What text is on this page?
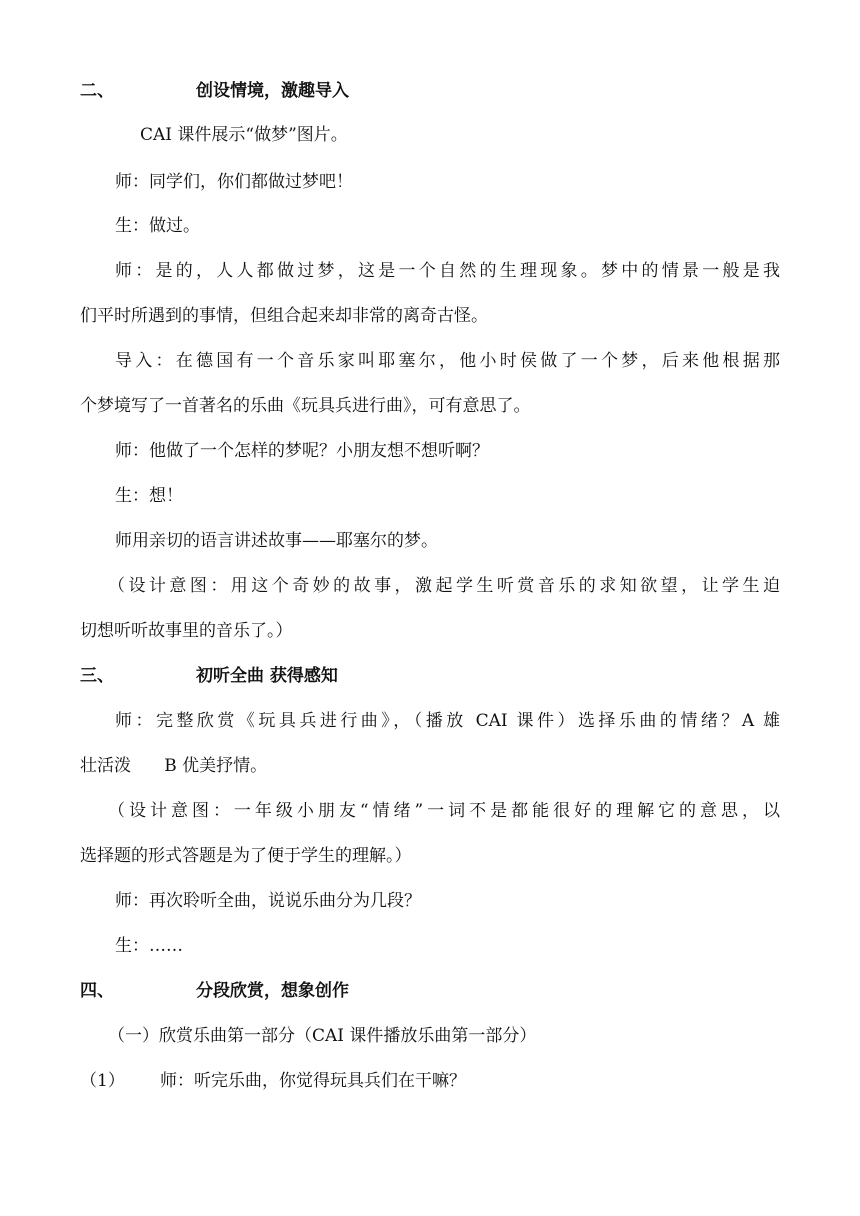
二、	创设情境，激趣导入
CAI 课件展示“做梦”图片。
师：同学们，你们都做过梦吧！
生：做过。
师：是的，人人都做过梦，这是一个自然的生理现象。梦中的情景一般是我
们平时所遇到的事情，但组合起来却非常的离奇古怪。
导入：在德国有一个音乐家叫耶塞尔，他小时侯做了一个梦，后来他根据那
个梦境写了一首著名的乐曲《玩具兵进行曲》，可有意思了。
师：他做了一个怎样的梦呢？小朋友想不想听啊？
生：想！
师用亲切的语言讲述故事——耶塞尔的梦。
（设计意图：用这个奇妙的故事，激起学生听赏音乐的求知欲望，让学生迫
切想听听故事里的音乐了。）
三、	初听全曲 获得感知
师：完整欣赏《玩具兵进行曲》，（播放 CAI 课件）选择乐曲的情绪？A 雄
壮活泼 　  B 优美抒情。
（设计意图：一年级小朋友“情绪”一词不是都能很好的理解它的意思，以
选择题的形式答题是为了便于学生的理解。）
师：再次聆听全曲，说说乐曲分为几段？
生：……
四、	分段欣赏，想象创作
（一）欣赏乐曲第一部分（CAI 课件播放乐曲第一部分）
（1） 师：听完乐曲，你觉得玩具兵们在干嘛？
